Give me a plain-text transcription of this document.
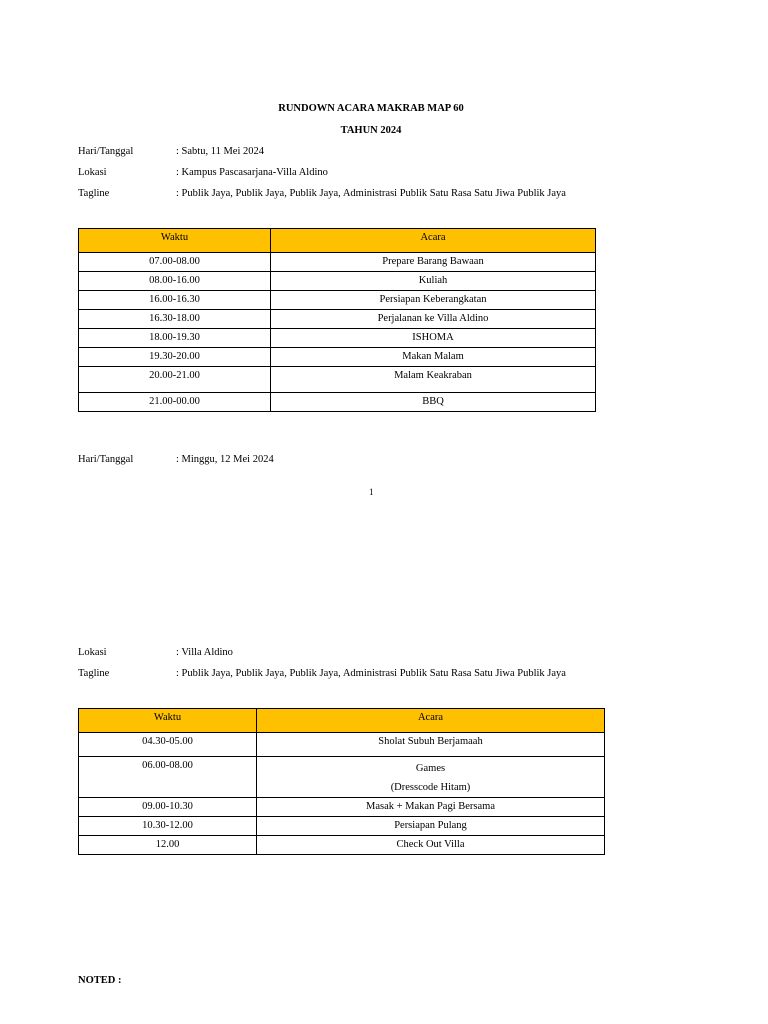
RUNDOWN ACARA MAKRAB MAP 60
TAHUN 2024
Hari/Tanggal	: Sabtu, 11 Mei 2024
Lokasi	: Kampus Pascasarjana-Villa Aldino
Tagline	: Publik Jaya, Publik Jaya, Publik Jaya, Administrasi Publik Satu Rasa Satu Jiwa Publik Jaya
Waktu	Acara
07.00-08.00	Prepare Barang Bawaan
08.00-16.00	Kuliah
16.00-16.30	Persiapan Keberangkatan
16.30-18.00	Perjalanan ke Villa Aldino
18.00-19.30	ISHOMA
19.30-20.00	Makan Malam
20.00-21.00	Malam Keakraban
21.00-00.00	BBQ
Hari/Tanggal	: Minggu, 12 Mei 2024
1
Lokasi	: Villa Aldino
Tagline	: Publik Jaya, Publik Jaya, Publik Jaya, Administrasi Publik Satu Rasa Satu Jiwa Publik Jaya
Waktu	Acara
04.30-05.00	Sholat Subuh Berjamaah
06.00-08.00	Games
(Dresscode Hitam)

09.00-10.30	Masak + Makan Pagi Bersama
10.30-12.00	Persiapan Pulang
12.00	Check Out Villa
NOTED :
